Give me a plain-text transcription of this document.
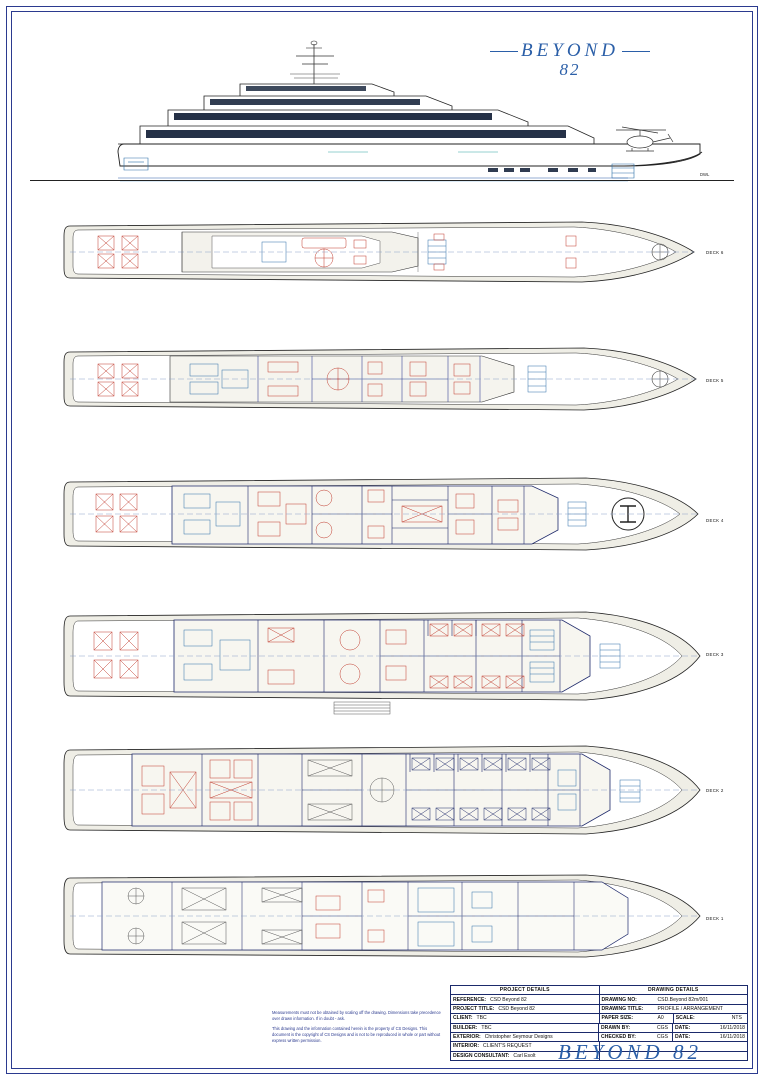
DWL
BEYOND
82
DECK 6
DECK 5
DECK 4
DECK 3
DECK 2
DECK 1
PROJECT DETAILS	DRAWING DETAILS
REFERENCE: CSD Beyond 82	DRAWING NO:	CSD.Beyond 82m/001
PROJECT TITLE: CSD Beyond 82	DRAWING TITLE:	PROFILE / ARRANGEMENT
CLIENT: TBC	PAPER SIZE:	A0	SCALE:	NTS
BUILDER: TBC	DRAWN BY:	CGS	DATE:	16/11/2018
EXTERIOR: Christopher Seymour Designs	CHECKED BY:	CGS	DATE:	16/11/2018
INTERIOR: CLIENT'S REQUEST

DESIGN CONSULTANT: Carl Esolt

Measurements must not be obtained by scaling off the drawing. Dimensions take precedence over drawn information. If in doubt - ask.

This drawing and the information contained herein is the property of CS Designs. This document is the copyright of CS Designs and is not to be reproduced in whole or part without express written permission.	BEYOND 82
